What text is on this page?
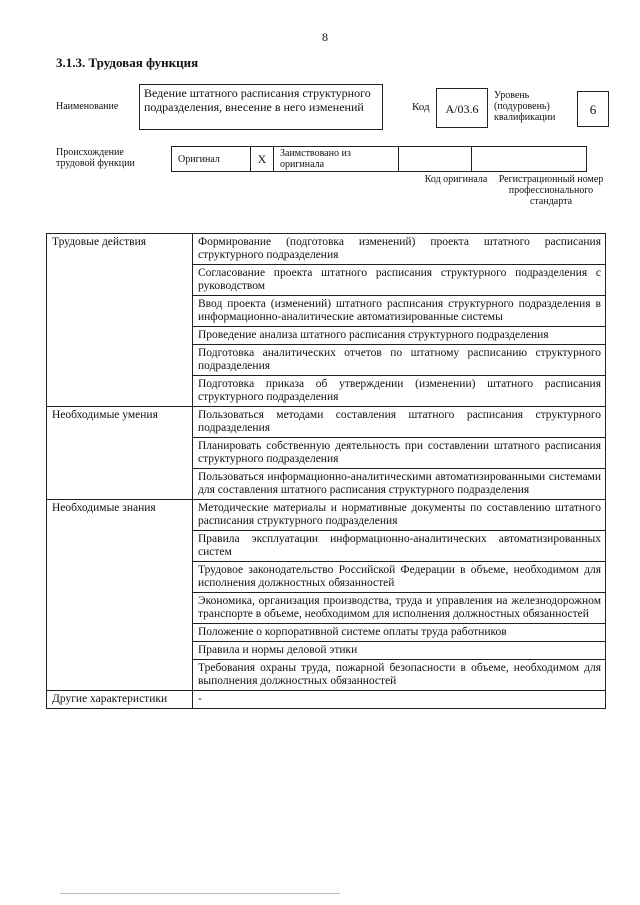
8
3.1.3. Трудовая функция
Наименование
Ведение штатного расписания структурного подразделения, внесение в него изменений	Код	А/03.6
Уровень (подуровень) квалификации
6
Происхождение трудовой функции	Оригинал	Х	Заимствовано из оригинала		
Код оригинала	Регистрационный номер профессионального стандарта
Трудовые действия	Формирование (подготовка изменений) проекта штатного расписания структурного подразделения
	Согласование проекта штатного расписания структурного подразделения с руководством
	Ввод проекта (изменений) штатного расписания структурного подразделения в информационно-аналитические автоматизированные системы
	Проведение анализа штатного расписания структурного подразделения
	Подготовка аналитических отчетов по штатному расписанию структурного подразделения
	Подготовка приказа об утверждении (изменении) штатного расписания структурного подразделения
Необходимые умения	Пользоваться методами составления штатного расписания структурного подразделения
	Планировать собственную деятельность при составлении штатного расписания структурного подразделения
	Пользоваться информационно-аналитическими автоматизированными системами для составления штатного расписания структурного подразделения
Необходимые знания	Методические материалы и нормативные документы по составлению штатного расписания структурного подразделения
	Правила эксплуатации информационно-аналитических автоматизированных систем
	Трудовое законодательство Российской Федерации в объеме, необходимом для исполнения должностных обязанностей
	Экономика, организация производства, труда и управления на железнодорожном транспорте в объеме, необходимом для исполнения должностных обязанностей
	Положение о корпоративной системе оплаты труда работников
	Правила и нормы деловой этики
	Требования охраны труда, пожарной безопасности в объеме, необходимом для выполнения должностных обязанностей
Другие характеристики	-
